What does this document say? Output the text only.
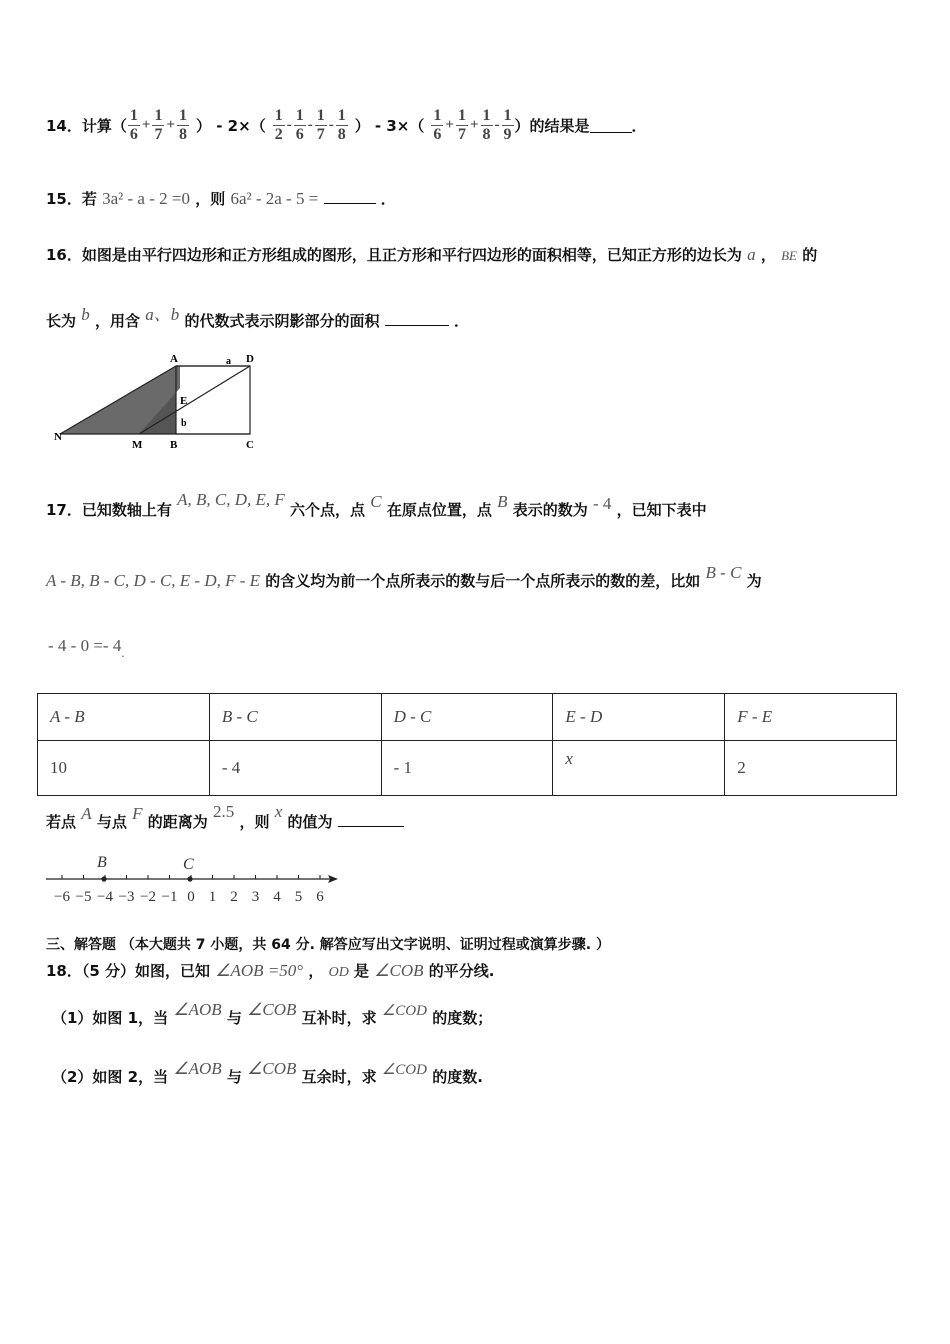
14．计算（ $\frac{1}{6} + \frac{1}{7} + \frac{1}{8}$ ） - $2\times( \frac{1}{2} - \frac{1}{6} - \frac{1}{7} - \frac{1}{8}$ ） - $3\times( \frac{1}{6} + \frac{1}{7} + \frac{1}{8} - \frac{1}{9}$ ）的结果是	．
15．若 3a² - a - 2 =0 ，则 6a² - 2a - 5 =	．
16．如图是由平行四边形和正方形组成的图形，且正方形和平行四边形的面积相等，已知正方形的边长为 a ， BE 的
长为 b ，用含 a、b 的代数式表示阴影部分的面积	．
A	a D
E
b
N
M	B	C
17．已知数轴上有 A, B, C, D, E, F 六个点，点 C 在原点位置，点 B 表示的数为 - 4 ，已知下表中
A - B, B - C, D - C, E - D, F - E 的含义均为前一个点所表示的数与后一个点所表示的数的差，比如 B - C 为
- $4 - 0 =- 4_.$
A - B	B - C	D - C	E - D	F - E
10	- 4	- 1	x	2
若点 A 与点 F 的距离为 2.5 ，则 x 的值为
−6 −5 −4 −3 −2 −1 0 1 2 3 4 5 6
B	C
三、解答题 （本大题共 7 小题，共 64 分. 解答应写出文字说明、证明过程或演算步骤. ）
18．（5 分）如图，已知 ∠AOB =50° ， OD 是 ∠COB 的平分线.
（1）如图 1，当 ∠AOB 与 ∠COB 互补时，求 ∠COD 的度数；
（2）如图 2，当 ∠AOB 与 ∠COB 互余时，求 ∠COD 的度数.
